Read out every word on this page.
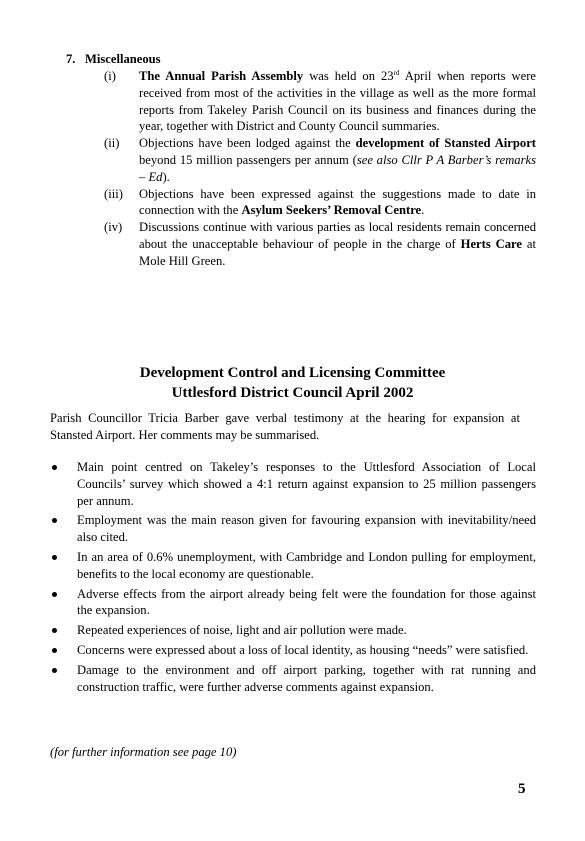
7. Miscellaneous

(i) The Annual Parish Assembly was held on 23rd April when reports were received from most of the activities in the village as well as the more formal reports from Takeley Parish Council on its business and finances during the year, together with District and County Council summaries.
(ii) Objections have been lodged against the development of Stansted Airport beyond 15 million passengers per annum (see also Cllr P A Barber’s remarks – Ed).
(iii) Objections have been expressed against the suggestions made to date in connection with the Asylum Seekers’ Removal Centre.
(iv) Discussions continue with various parties as local residents remain concerned about the unacceptable behaviour of people in the charge of Herts Care at Mole Hill Green.
Development Control and Licensing Committee
Uttlesford District Council April 2002

Parish Councillor Tricia Barber gave verbal testimony at the hearing for expansion at Stansted Airport. Her comments may be summarised.

Main point centred on Takeley’s responses to the Uttlesford Association of Local Councils’ survey which showed a 4:1 return against expansion to 25 million passengers per annum.
Employment was the main reason given for favouring expansion with inevitability/need also cited.
In an area of 0.6% unemployment, with Cambridge and London pulling for employment, benefits to the local economy are questionable.
Adverse effects from the airport already being felt were the foundation for those against the expansion.
Repeated experiences of noise, light and air pollution were made.
Concerns were expressed about a loss of local identity, as housing “needs” were satisfied.
Damage to the environment and off airport parking, together with rat running and construction traffic, were further adverse comments against expansion.

(for further information see page 10)

5
